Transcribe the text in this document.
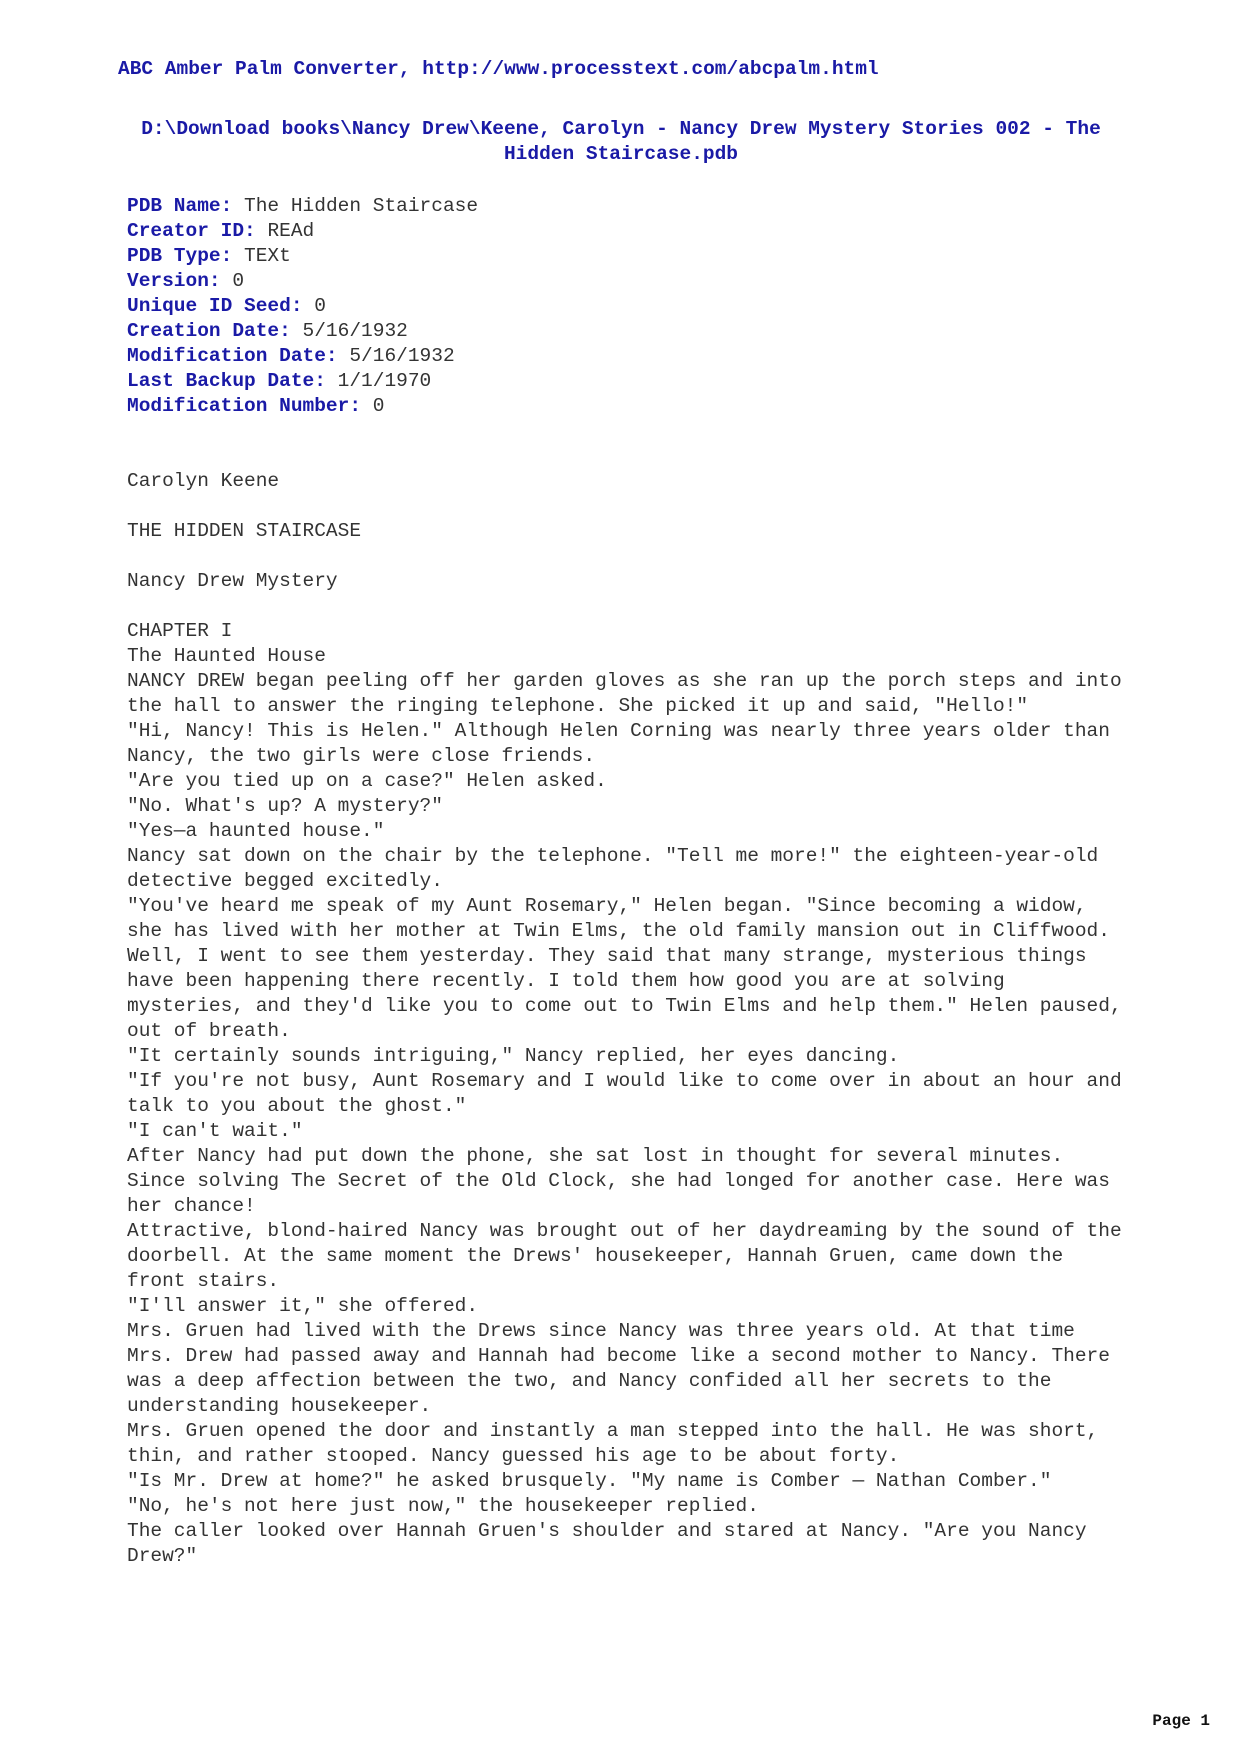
ABC Amber Palm Converter, http://www.processtext.com/abcpalm.html
D:\Download books\Nancy Drew\Keene, Carolyn - Nancy Drew Mystery Stories 002 - The Hidden Staircase.pdb
PDB Name: The Hidden Staircase
Creator ID: REAd
PDB Type: TEXt
Version: 0
Unique ID Seed: 0
Creation Date: 5/16/1932
Modification Date: 5/16/1932
Last Backup Date: 1/1/1970
Modification Number: 0

Carolyn Keene

THE HIDDEN STAIRCASE

Nancy Drew Mystery

CHAPTER I

The Haunted House

NANCY DREW began peeling off her garden gloves as she ran up the porch steps and into the hall to answer the ringing telephone. She picked it up and said, "Hello!"

"Hi, Nancy! This is Helen." Although Helen Corning was nearly three years older than Nancy, the two girls were close friends.

"Are you tied up on a case?" Helen asked.

"No. What's up? A mystery?"

"Yes—a haunted house."

Nancy sat down on the chair by the telephone. "Tell me more!" the eighteen-year-old detective begged excitedly.

"You've heard me speak of my Aunt Rosemary," Helen began. "Since becoming a widow, she has lived with her mother at Twin Elms, the old family mansion out in Cliffwood. Well, I went to see them yesterday. They said that many strange, mysterious things have been happening there recently. I told them how good you are at solving mysteries, and they'd like you to come out to Twin Elms and help them." Helen paused, out of breath.

"It certainly sounds intriguing," Nancy replied, her eyes dancing.

"If you're not busy, Aunt Rosemary and I would like to come over in about an hour and talk to you about the ghost."

"I can't wait."

After Nancy had put down the phone, she sat lost in thought for several minutes. Since solving The Secret of the Old Clock, she had longed for another case. Here was her chance!

Attractive, blond-haired Nancy was brought out of her daydreaming by the sound of the doorbell. At the same moment the Drews' housekeeper, Hannah Gruen, came down the front stairs.

"I'll answer it," she offered.

Mrs. Gruen had lived with the Drews since Nancy was three years old. At that time Mrs. Drew had passed away and Hannah had become like a second mother to Nancy. There was a deep affection between the two, and Nancy confided all her secrets to the understanding housekeeper.

Mrs. Gruen opened the door and instantly a man stepped into the hall. He was short, thin, and rather stooped. Nancy guessed his age to be about forty.

"Is Mr. Drew at home?" he asked brusquely. "My name is Comber — Nathan Comber."

"No, he's not here just now," the housekeeper replied.

The caller looked over Hannah Gruen's shoulder and stared at Nancy. "Are you Nancy Drew?"

Page 1
